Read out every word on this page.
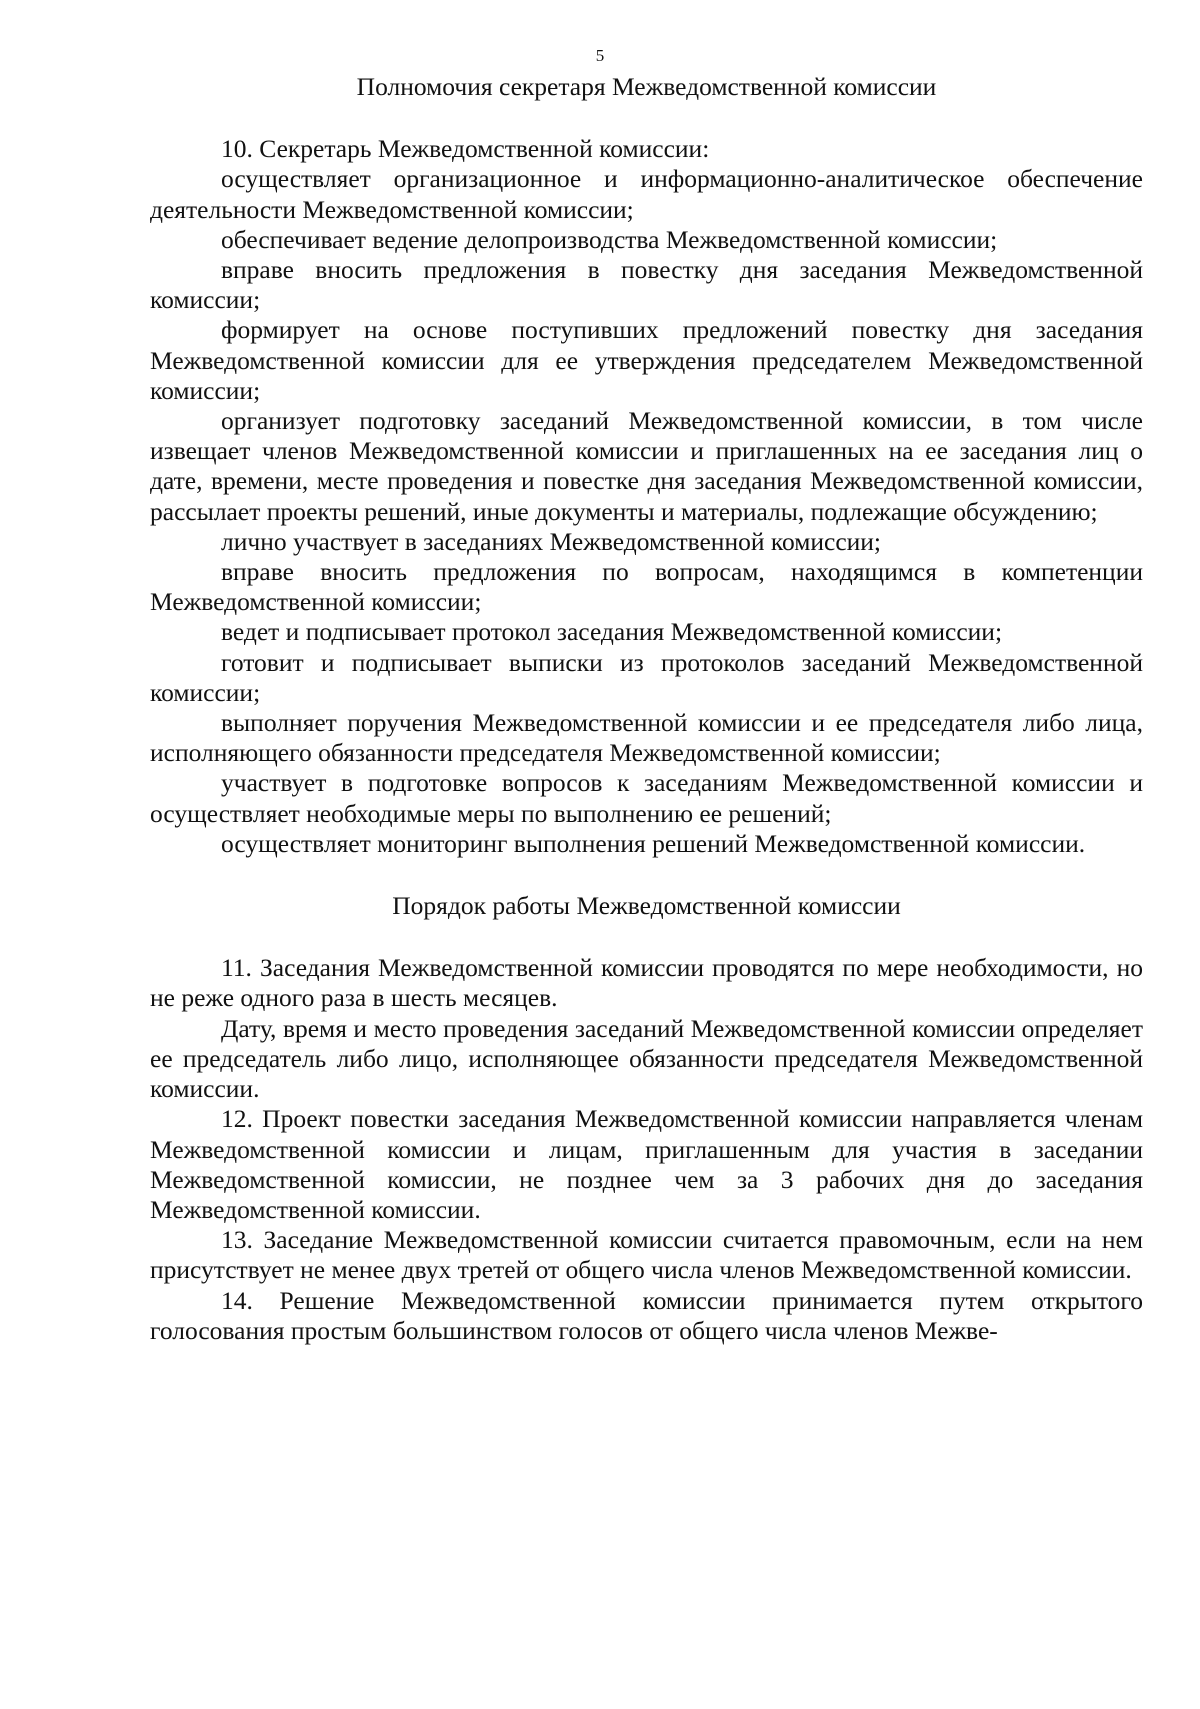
5
Полномочия секретаря Межведомственной комиссии

10. Секретарь Межведомственной комиссии:

осуществляет организационное и информационно-аналитическое обеспечение деятельности Межведомственной комиссии;

обеспечивает ведение делопроизводства Межведомственной комиссии;

вправе вносить предложения в повестку дня заседания Межведомственной комиссии;

формирует на основе поступивших предложений повестку дня заседания Межведомственной комиссии для ее утверждения председателем Межведомственной комиссии;

организует подготовку заседаний Межведомственной комиссии, в том числе извещает членов Межведомственной комиссии и приглашенных на ее заседания лиц о дате, времени, месте проведения и повестке дня заседания Межведомственной комиссии, рассылает проекты решений, иные документы и материалы, подлежащие обсуждению;

лично участвует в заседаниях Межведомственной комиссии;

вправе вносить предложения по вопросам, находящимся в компетенции Межведомственной комиссии;

ведет и подписывает протокол заседания Межведомственной комиссии;

готовит и подписывает выписки из протоколов заседаний Межведомственной комиссии;

выполняет поручения Межведомственной комиссии и ее председателя либо лица, исполняющего обязанности председателя Межведомственной комиссии;

участвует в подготовке вопросов к заседаниям Межведомственной комиссии и осуществляет необходимые меры по выполнению ее решений;

осуществляет мониторинг выполнения решений Межведомственной комиссии.

Порядок работы Межведомственной комиссии

11. Заседания Межведомственной комиссии проводятся по мере необходимости, но не реже одного раза в шесть месяцев.

Дату, время и место проведения заседаний Межведомственной комиссии определяет ее председатель либо лицо, исполняющее обязанности председателя Межведомственной комиссии.

12. Проект повестки заседания Межведомственной комиссии направляется членам Межведомственной комиссии и лицам, приглашенным для участия в заседании Межведомственной комиссии, не позднее чем за 3 рабочих дня до заседания Межведомственной комиссии.

13. Заседание Межведомственной комиссии считается правомочным, если на нем присутствует не менее двух третей от общего числа членов Межведомственной комиссии.

14. Решение Межведомственной комиссии принимается путем открытого голосования простым большинством голосов от общего числа членов Межве-
